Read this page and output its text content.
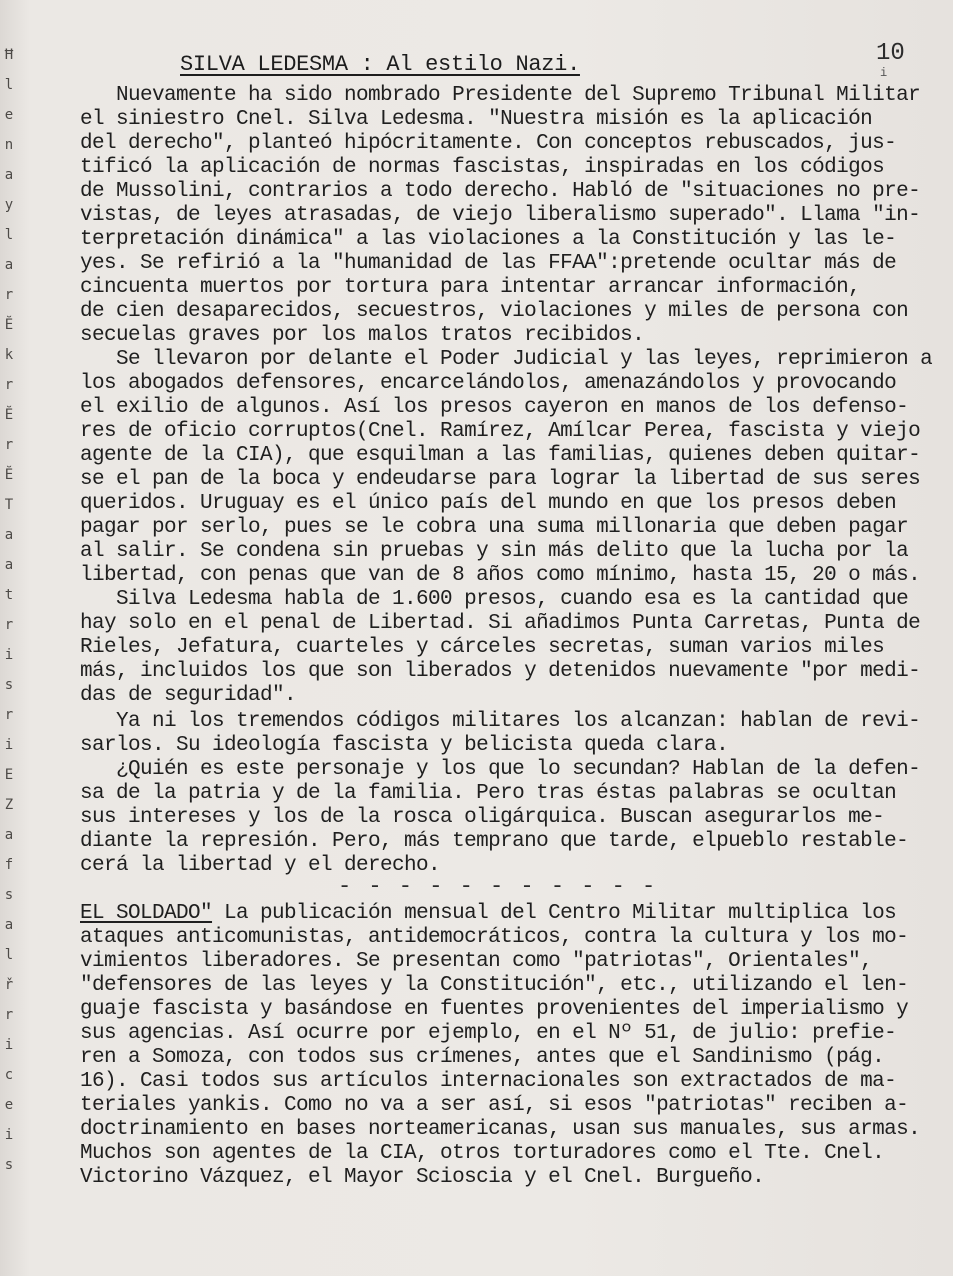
Ħ
l
e
n
a
y
l
a
r
Ĕ
k
r
Ĕ
r
Ĕ
T
a
a
t
r
i
s
r
i
E
Z
a
f
s
a
l
ř
r
i
c
e
i
s
10
i
SILVA LEDESMA : Al estilo Nazi.
Nuevamente ha sido nombrado Presidente del Supremo Tribunal Militar
el siniestro Cnel. Silva Ledesma. "Nuestra misión es la aplicación
del derecho", planteó hipócritamente. Con conceptos rebuscados, jus-
tificó la aplicación de normas fascistas, inspiradas en los códigos
de Mussolini, contrarios a todo derecho. Habló de "situaciones no pre-
vistas, de leyes atrasadas, de viejo liberalismo superado". Llama "in-
terpretación dinámica" a las violaciones a la Constitución y las le-
yes. Se refirió a la "humanidad de las FFAA":pretende ocultar más de
cincuenta muertos por tortura para intentar arrancar información,
de cien desaparecidos, secuestros, violaciones y miles de persona con
secuelas graves por los malos tratos recibidos.
Se llevaron por delante el Poder Judicial y las leyes, reprimieron a
los abogados defensores, encarcelándolos, amenazándolos y provocando
el exilio de algunos. Así los presos cayeron en manos de los defenso-
res de oficio corruptos(Cnel. Ramírez, Amílcar Perea, fascista y viejo
agente de la CIA), que esquilman a las familias, quienes deben quitar-
se el pan de la boca y endeudarse para lograr la libertad de sus seres
queridos. Uruguay es el único país del mundo en que los presos deben
pagar por serlo, pues se le cobra una suma millonaria que deben pagar
al salir. Se condena sin pruebas y sin más delito que la lucha por la
libertad, con penas que van de 8 años como mínimo, hasta 15, 20 o más.
Silva Ledesma habla de 1.600 presos, cuando esa es la cantidad que
hay solo en el penal de Libertad. Si añadimos Punta Carretas, Punta de
Rieles, Jefatura, cuarteles y cárceles secretas, suman varios miles
más, incluidos los que son liberados y detenidos nuevamente "por medi-
das de seguridad".
Ya ni los tremendos códigos militares los alcanzan: hablan de revi-
sarlos. Su ideología fascista y belicista queda clara.
¿Quién es este personaje y los que lo secundan? Hablan de la defen-
sa de la patria y de la familia. Pero tras éstas palabras se ocultan
sus intereses y los de la rosca oligárquica. Buscan asegurarlos me-
diante la represión. Pero, más temprano que tarde, elpueblo restable-
cerá la libertad y el derecho.
- - - - - - - - - - -
EL SOLDADO" La publicación mensual del Centro Militar multiplica los
ataques anticomunistas, antidemocráticos, contra la cultura y los mo-
vimientos liberadores. Se presentan como "patriotas", Orientales",
"defensores de las leyes y la Constitución", etc., utilizando el len-
guaje fascista y basándose en fuentes provenientes del imperialismo y
sus agencias. Así ocurre por ejemplo, en el Nº 51, de julio: prefie-
ren a Somoza, con todos sus crímenes, antes que el Sandinismo (pág.
16). Casi todos sus artículos internacionales son extractados de ma-
teriales yankis. Como no va a ser así, si esos "patriotas" reciben a-
doctrinamiento en bases norteamericanas, usan sus manuales, sus armas.
Muchos son agentes de la CIA, otros torturadores como el Tte. Cnel.
Victorino Vázquez, el Mayor Scioscia y el Cnel. Burgueño.
